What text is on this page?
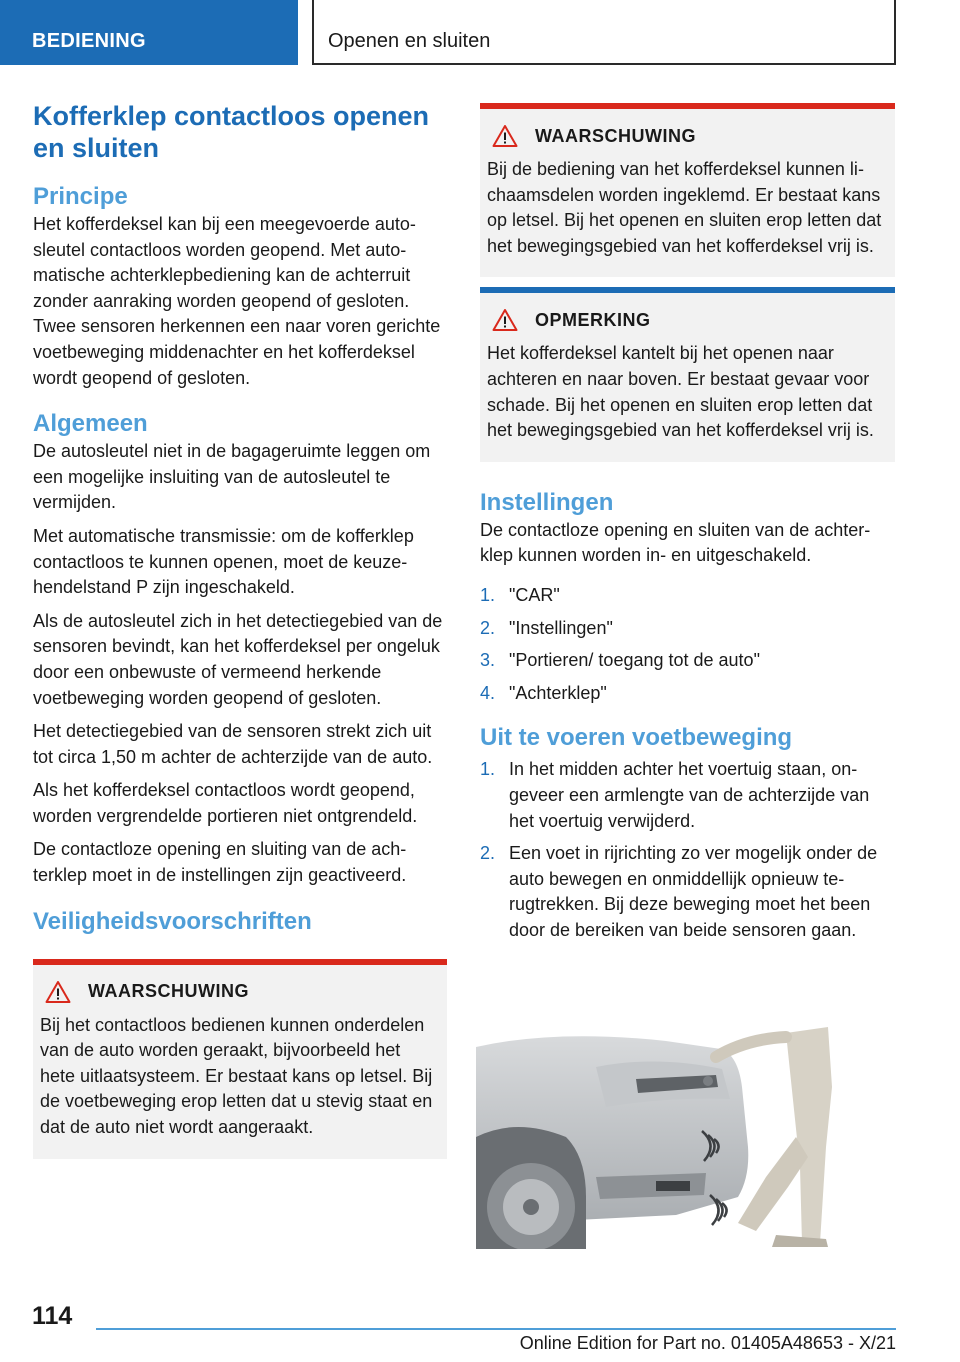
BEDIENING	Openen en sluiten
Kofferklep contactloos openen en sluiten
Principe

Het kofferdeksel kan bij een meegevoerde autosleutel contactloos worden geopend. Met automatische achterklepbediening kan de achterruit zonder aanraking worden geopend of gesloten. Twee sensoren herkennen een naar voren gerichte voetbeweging middenachter en het kofferdeksel wordt geopend of gesloten.

Algemeen

De autosleutel niet in de bagageruimte leggen om een mogelijke insluiting van de autosleutel te vermijden.

Met automatische transmissie: om de kofferklep contactloos te kunnen openen, moet de keuzehendelstand P zijn ingeschakeld.

Als de autosleutel zich in het detectiegebied van de sensoren bevindt, kan het kofferdeksel per ongeluk door een onbewuste of vermeend herkende voetbeweging worden geopend of gesloten.

Het detectiegebied van de sensoren strekt zich uit tot circa 1,50 m achter de achterzijde van de auto.

Als het kofferdeksel contactloos wordt geopend, worden vergrendelde portieren niet ontgrendeld.

De contactloze opening en sluiting van de achterklep moet in de instellingen zijn geactiveerd.

Veiligheidsvoorschriften
WAARSCHUWING

Bij het contactloos bedienen kunnen onderdelen van de auto worden geraakt, bijvoorbeeld het hete uitlaatsysteem. Er bestaat kans op letsel. Bij de voetbeweging erop letten dat u stevig staat en dat de auto niet wordt aangeraakt.

WAARSCHUWING

Bij de bediening van het kofferdeksel kunnen lichaamsdelen worden ingeklemd. Er bestaat kans op letsel. Bij het openen en sluiten erop letten dat het bewegingsgebied van het kofferdeksel vrij is.

OPMERKING

Het kofferdeksel kantelt bij het openen naar achteren en naar boven. Er bestaat gevaar voor schade. Bij het openen en sluiten erop letten dat het bewegingsgebied van het kofferdeksel vrij is.

Instellingen

De contactloze opening en sluiten van de achterklep kunnen worden in- en uitgeschakeld.

1. "CAR"
2. "Instellingen"
3. "Portieren/ toegang tot de auto"
4. "Achterklep"
Uit te voeren voetbeweging
1. In het midden achter het voertuig staan, ongeveer een armlengte van de achterzijde van het voertuig verwijderd.
2. Een voet in rijrichting zo ver mogelijk onder de auto bewegen en onmiddellijk opnieuw terugtrekken. Bij deze beweging moet het been door de bereiken van beide sensoren gaan.
114
Online Edition for Part no. 01405A48653 - X/21
